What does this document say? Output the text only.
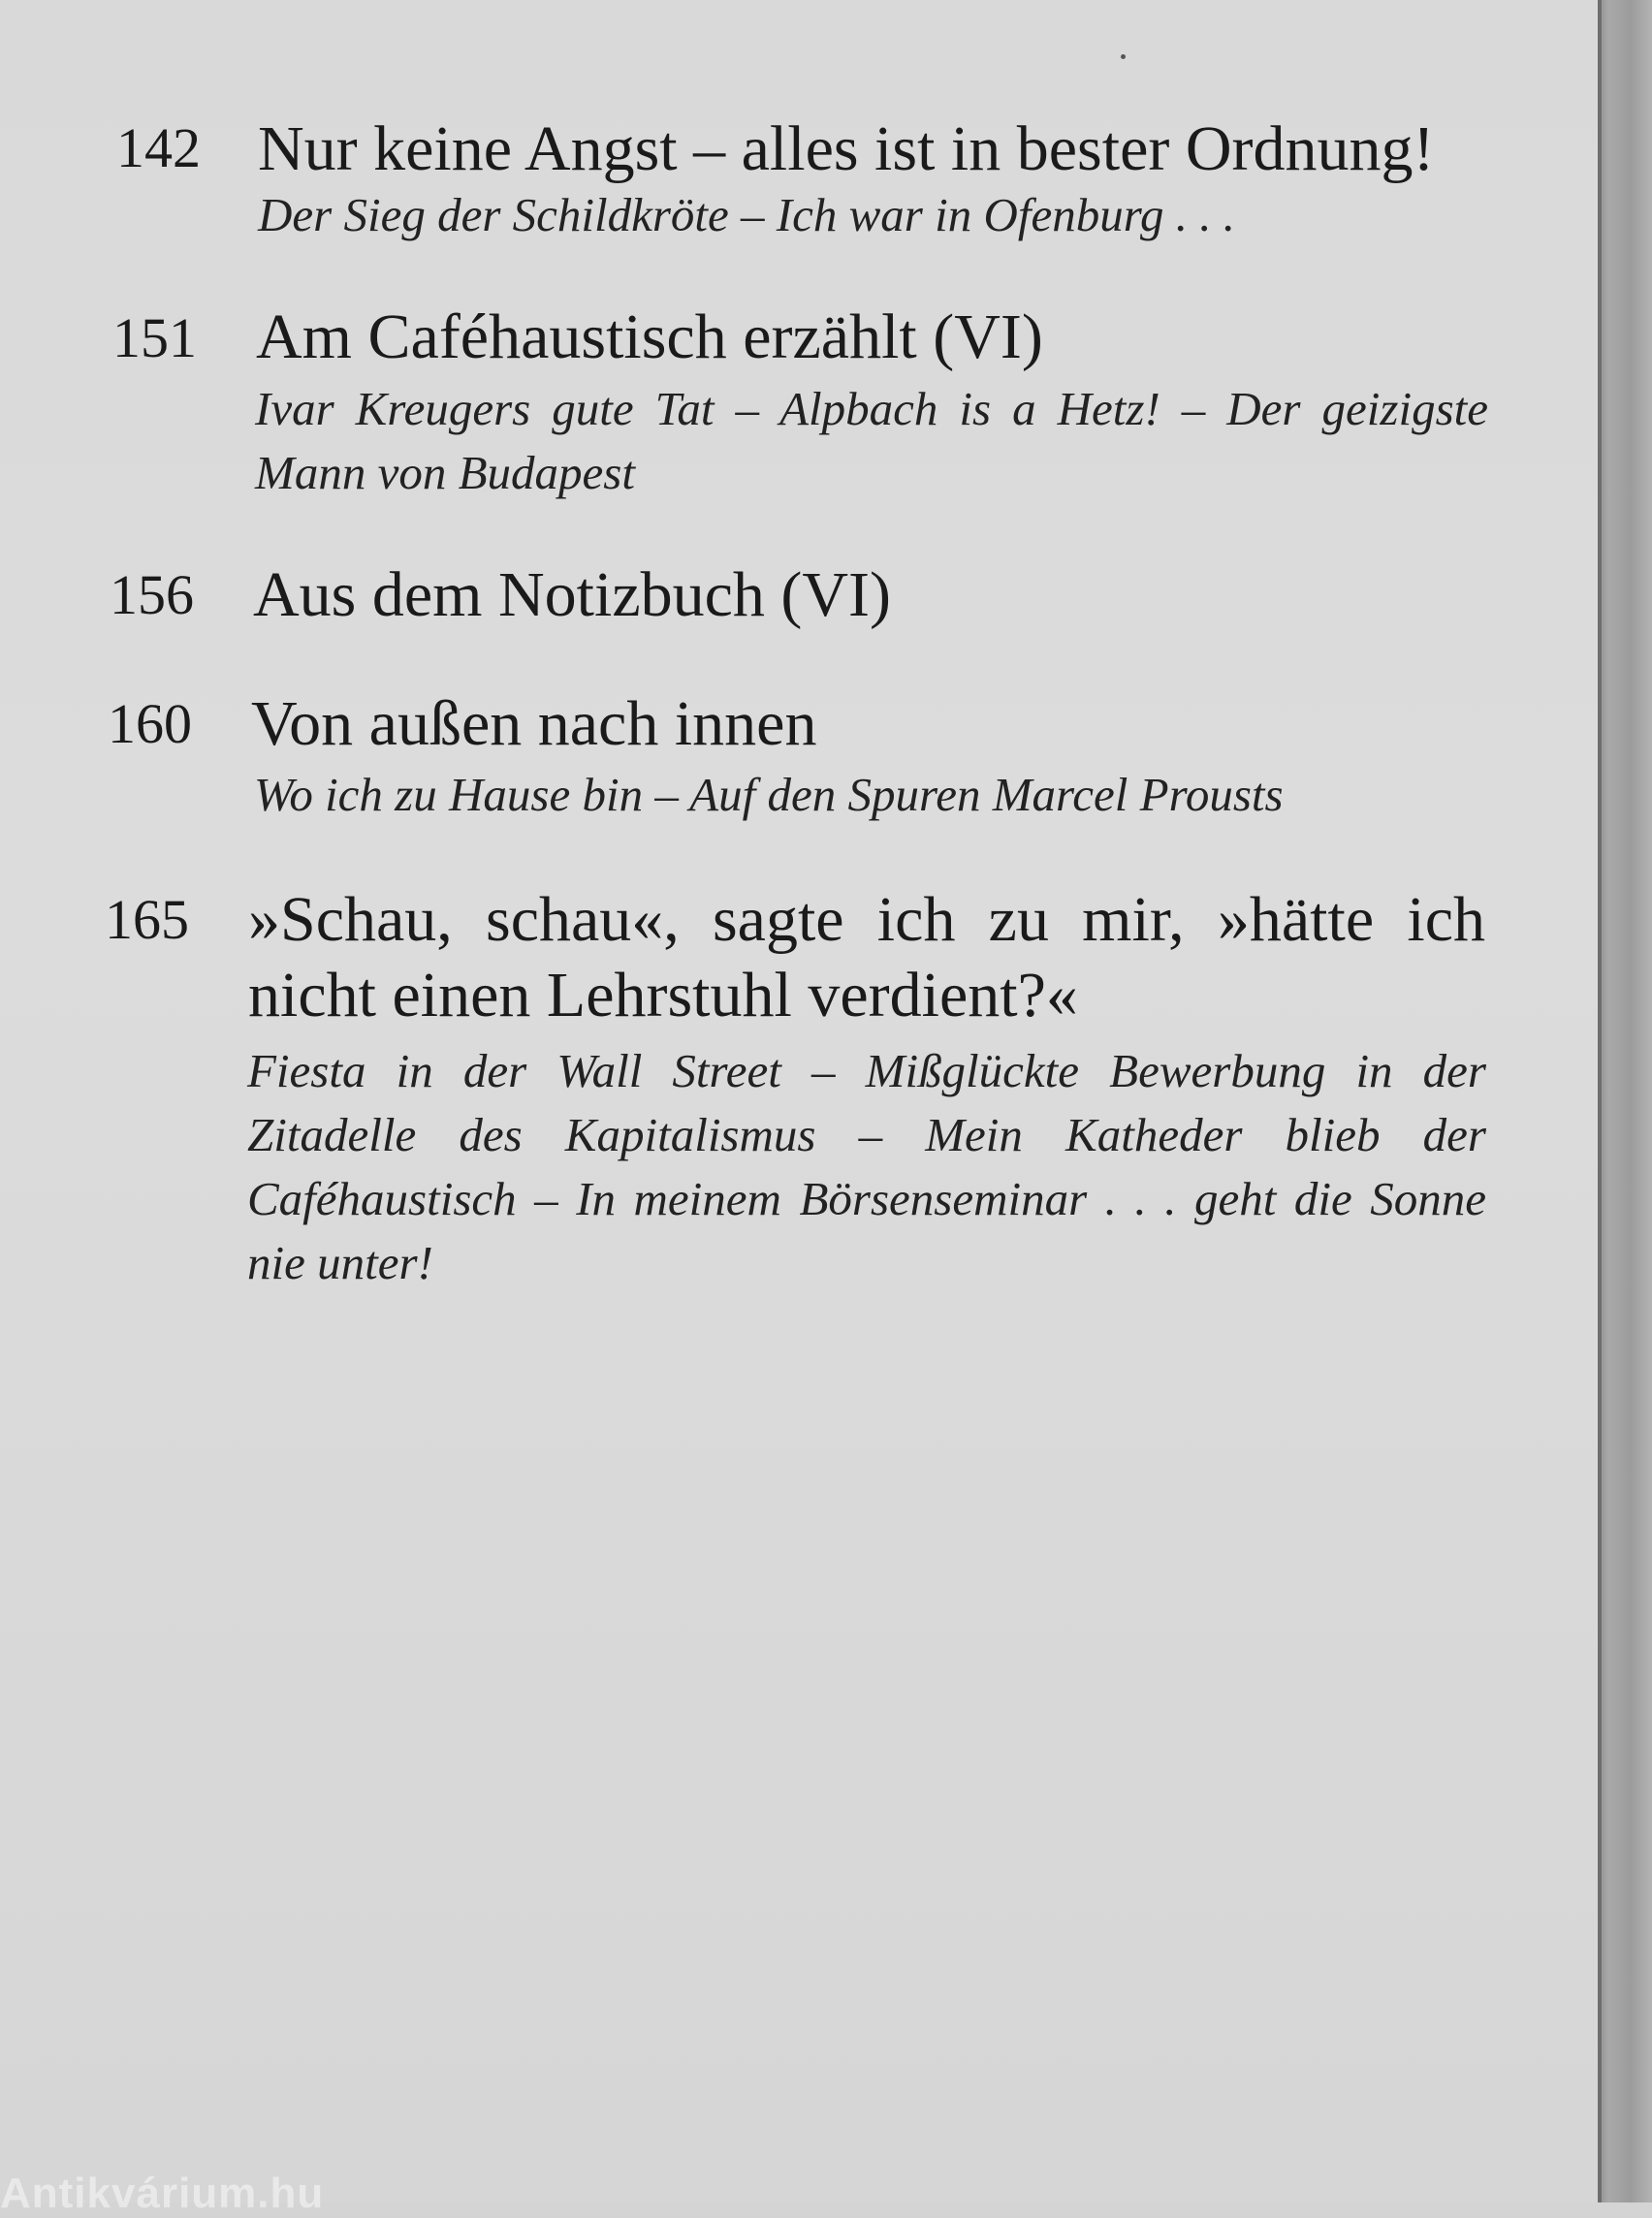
142 Nur keine Angst – alles ist in bester Ordnung!
Der Sieg der Schildkröte – Ich war in Ofenburg . . .
151 Am Caféhaustisch erzählt (VI)
Ivar Kreugers gute Tat – Alpbach is a Hetz! – Der geizigste Mann von Budapest
156 Aus dem Notizbuch (VI)
160 Von außen nach innen
Wo ich zu Hause bin – Auf den Spuren Marcel Prousts
165 »Schau, schau«, sagte ich zu mir, »hätte ich nicht einen Lehrstuhl verdient?«
Fiesta in der Wall Street – Mißglückte Bewerbung in der Zitadelle des Kapitalismus – Mein Katheder blieb der Caféhaustisch – In meinem Börsenseminar . . . geht die Sonne nie unter!
Antikvárium.hu
